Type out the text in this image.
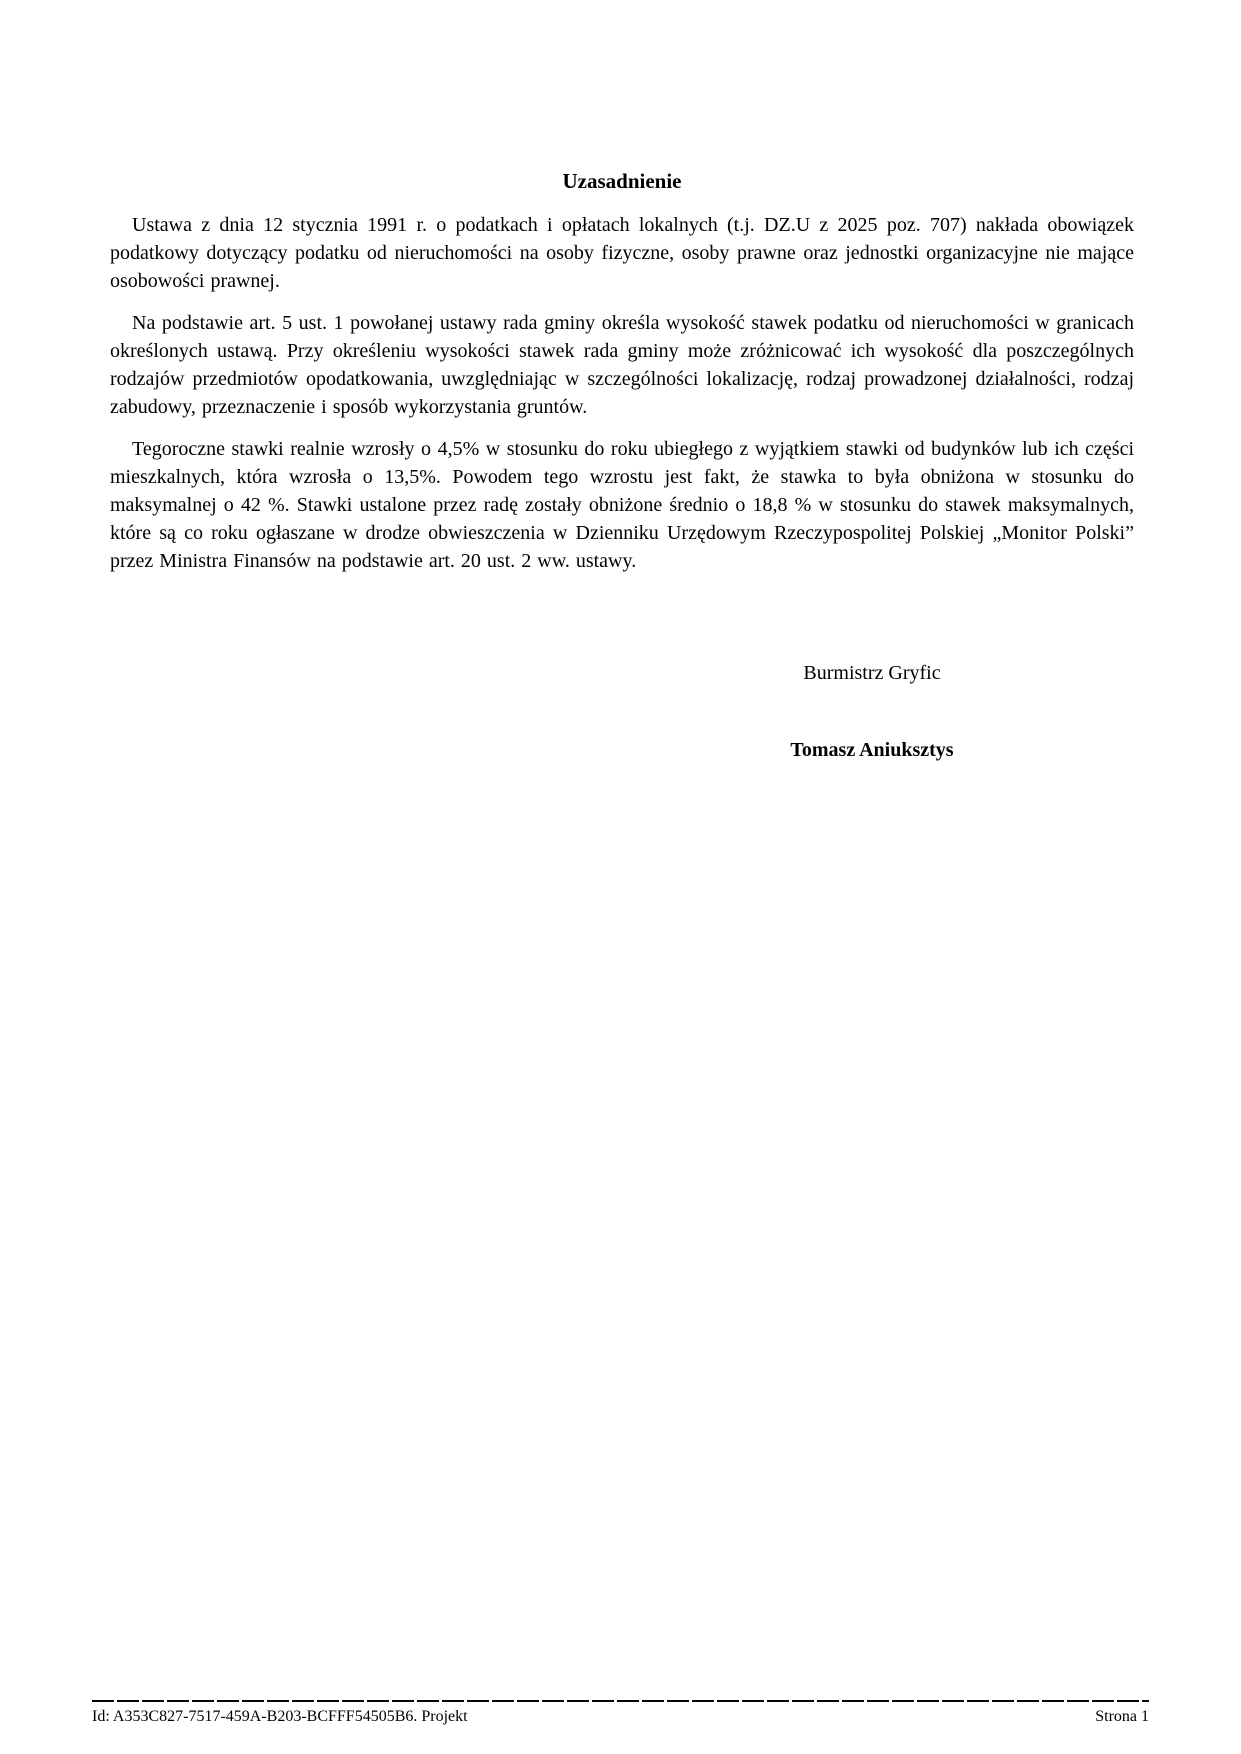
Uzasadnienie

Ustawa z dnia 12 stycznia 1991 r. o podatkach i opłatach lokalnych (t.j. DZ.U z 2025 poz. 707) nakłada obowiązek podatkowy dotyczący podatku od nieruchomości na osoby fizyczne, osoby prawne oraz jednostki organizacyjne nie mające osobowości prawnej.

Na podstawie art. 5 ust. 1 powołanej ustawy rada gminy określa wysokość stawek podatku od nieruchomości w granicach określonych ustawą. Przy określeniu wysokości stawek rada gminy może zróżnicować ich wysokość dla poszczególnych rodzajów przedmiotów opodatkowania, uwzględniając w szczególności lokalizację, rodzaj prowadzonej działalności, rodzaj zabudowy, przeznaczenie i sposób wykorzystania gruntów.

Tegoroczne stawki realnie wzrosły o 4,5% w stosunku do roku ubiegłego z wyjątkiem stawki od budynków lub ich części mieszkalnych, która wzrosła o 13,5%. Powodem tego wzrostu jest fakt, że stawka to była obniżona w stosunku do maksymalnej o 42 %. Stawki ustalone przez radę zostały obniżone średnio o 18,8 % w stosunku do stawek maksymalnych, które są co roku ogłaszane w drodze obwieszczenia w Dzienniku Urzędowym Rzeczypospolitej Polskiej „Monitor Polski” przez Ministra Finansów na podstawie art. 20 ust. 2 ww. ustawy.

Burmistrz Gryfic
Tomasz Aniuksztys
Id: A353C827-7517-459A-B203-BCFFF54505B6. Projekt	Strona 1
